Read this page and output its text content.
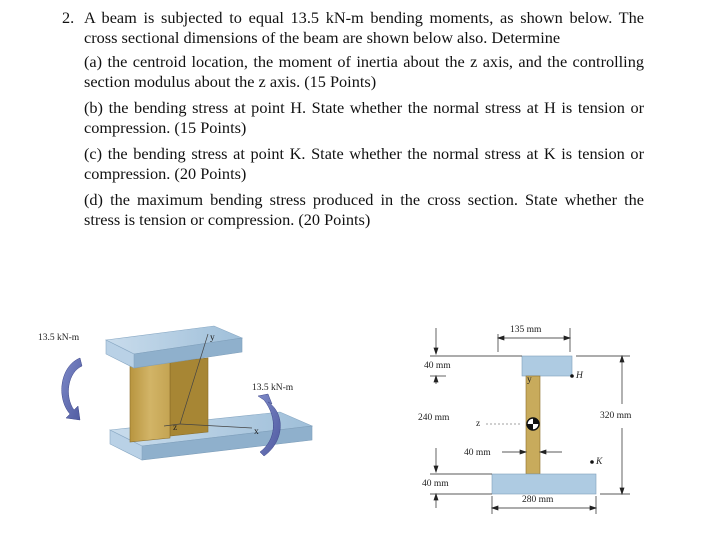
2. A beam is subjected to equal 13.5 kN-m bending moments, as shown below. The cross sectional dimensions of the beam are shown below also. Determine

(a) the centroid location, the moment of inertia about the z axis, and the controlling section modulus about the z axis. (15 Points)

(b) the bending stress at point H. State whether the normal stress at H is tension or compression. (15 Points)

(c) the bending stress at point K. State whether the normal stress at K is tension or compression. (20 Points)

(d) the maximum bending stress produced in the cross section. State whether the stress is tension or compression. (20 Points)

y
x
z
13.5 kN-m
13.5 kN-m
y
z
135 mm
40 mm
240 mm
40 mm
40 mm
320 mm
280 mm
H
K
